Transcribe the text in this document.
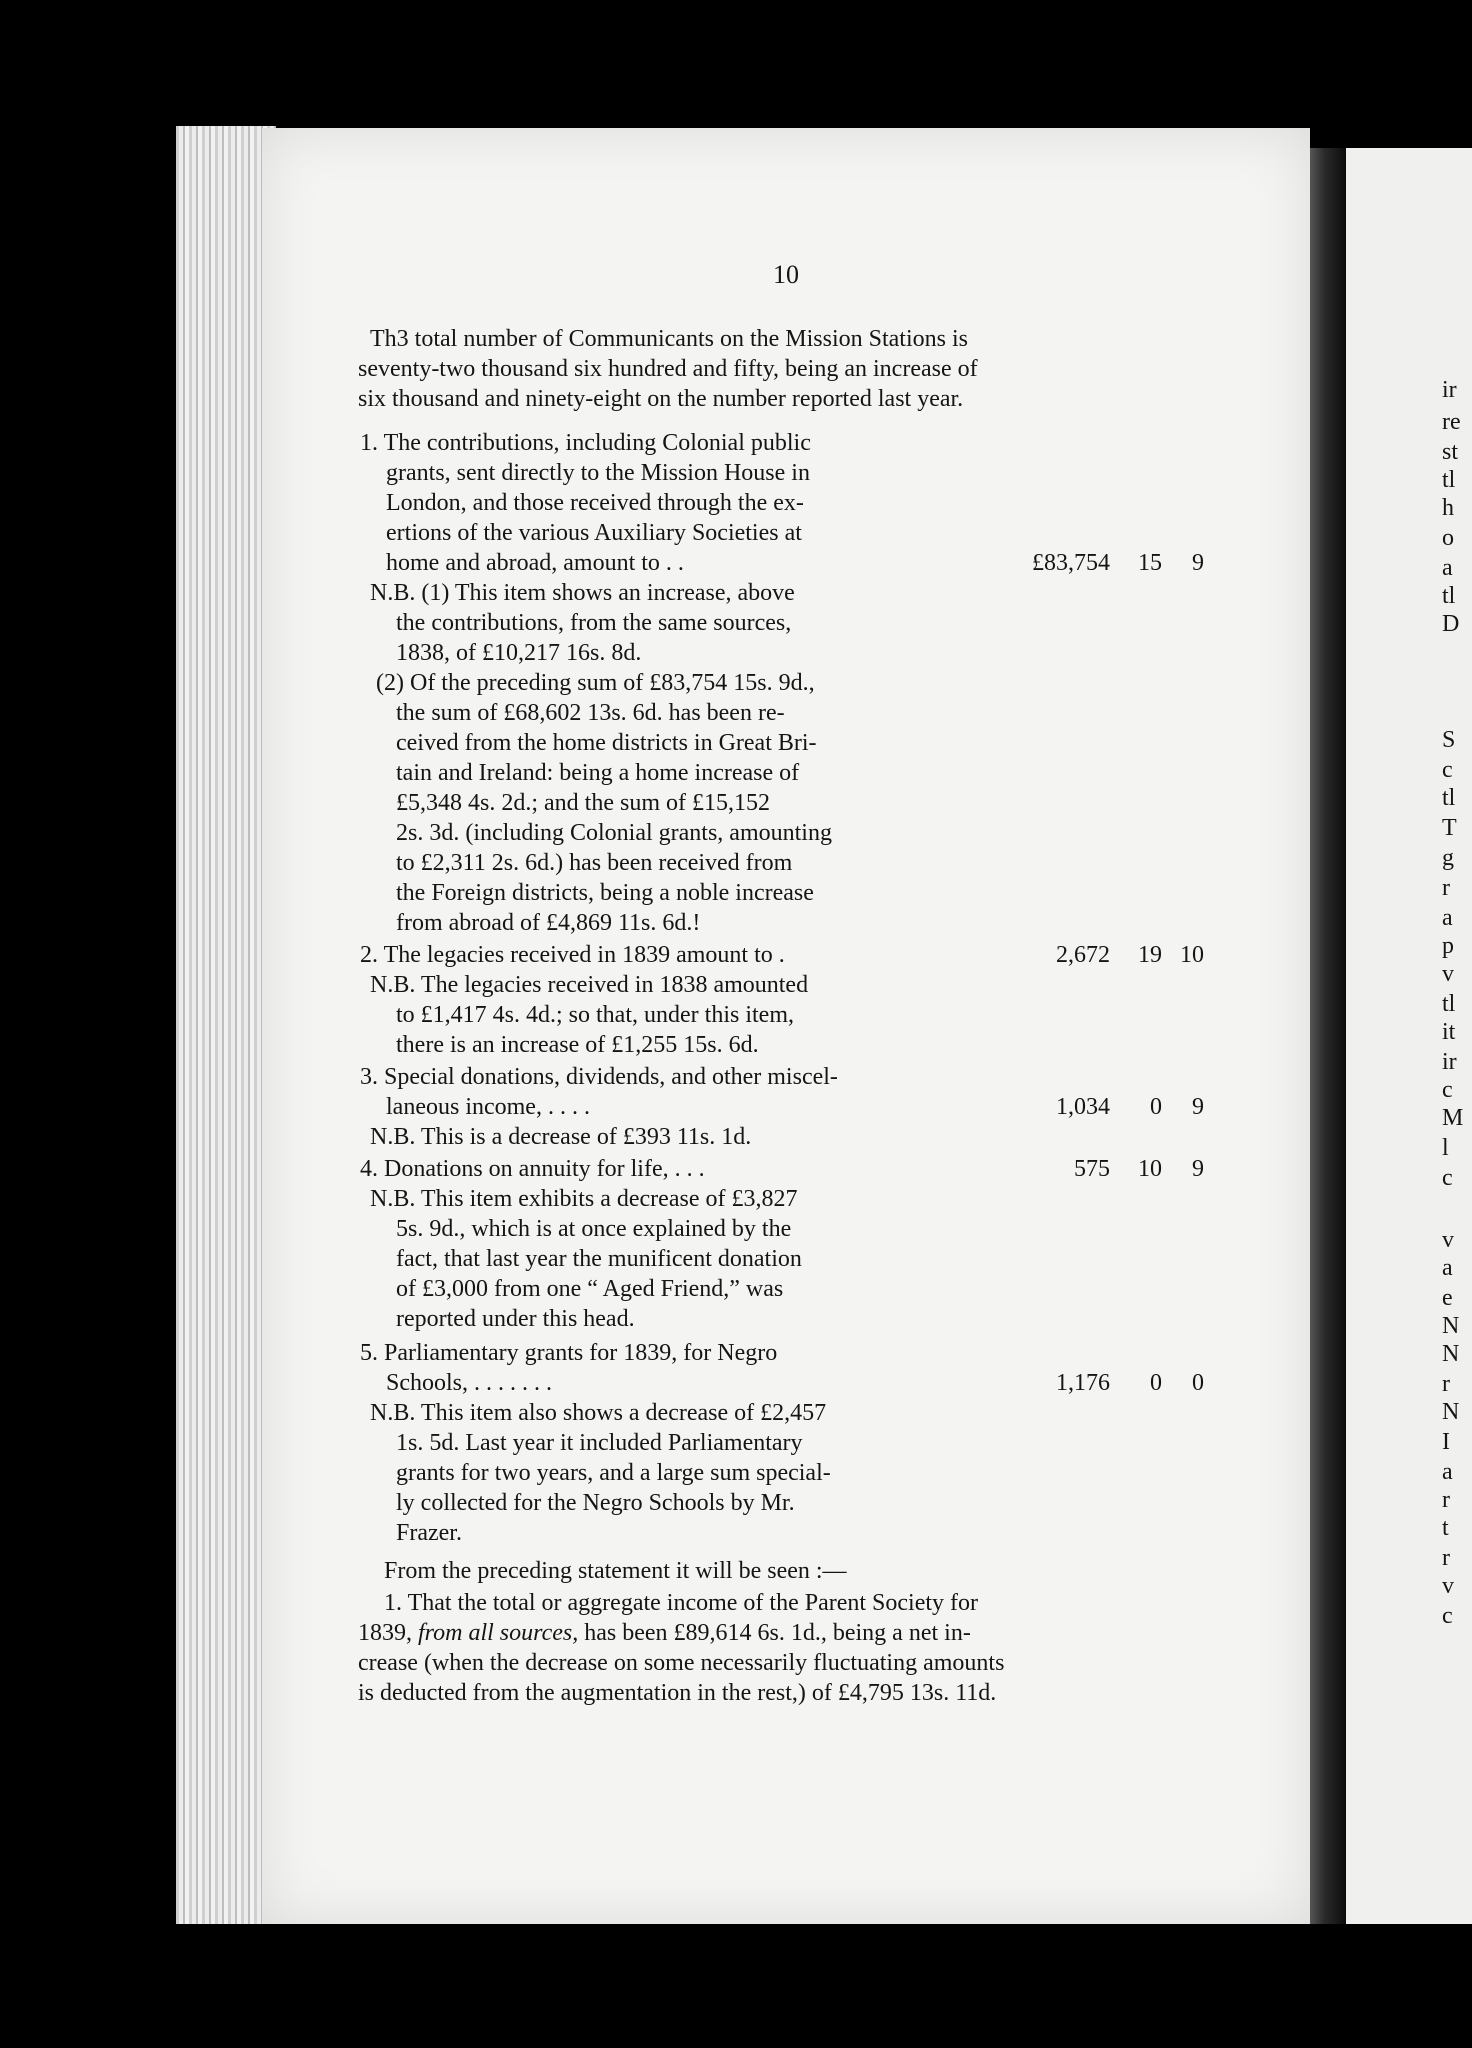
10
Th3 total number of Communicants on the Mission Stations is
seventy-two thousand six hundred and fifty, being an increase of
six thousand and ninety-eight on the number reported last year.
1. The contributions, including Colonial public
grants, sent directly to the Mission House in
London, and those received through the ex-
ertions of the various Auxiliary Societies at
home and abroad, amount to . .	£83,754 15 9
N.B. (1) This item shows an increase, above
the contributions, from the same sources,
1838, of £10,217 16s. 8d.
(2) Of the preceding sum of £83,754 15s. 9d.,
the sum of £68,602 13s. 6d. has been re-
ceived from the home districts in Great Bri-
tain and Ireland: being a home increase of
£5,348 4s. 2d.; and the sum of £15,152
2s. 3d. (including Colonial grants, amounting
to £2,311 2s. 6d.) has been received from
the Foreign districts, being a noble increase
from abroad of £4,869 11s. 6d.!
2. The legacies received in 1839 amount to .	2,672 19 10
N.B. The legacies received in 1838 amounted
to £1,417 4s. 4d.; so that, under this item,
there is an increase of £1,255 15s. 6d.
3. Special donations, dividends, and other miscel-
laneous income, . . . .	1,034 0 9
N.B. This is a decrease of £393 11s. 1d.
4. Donations on annuity for life, . . .	575 10 9
N.B. This item exhibits a decrease of £3,827
5s. 9d., which is at once explained by the
fact, that last year the munificent donation
of £3,000 from one “ Aged Friend,” was
reported under this head.
5. Parliamentary grants for 1839, for Negro
Schools, . . . . . . .	1,176 0 0
N.B. This item also shows a decrease of £2,457
1s. 5d. Last year it included Parliamentary
grants for two years, and a large sum special-
ly collected for the Negro Schools by Mr.
Frazer.
From the preceding statement it will be seen :—
1. That the total or aggregate income of the Parent Society for
1839, from all sources, has been £89,614 6s. 1d., being a net in-
crease (when the decrease on some necessarily fluctuating amounts
is deducted from the augmentation in the rest,) of £4,795 13s. 11d.
ir
re
st
tl
h
o
a
tl
D
S
c
tl
T
g
r
a
p
v
tl
it
ir
c
M
l
c
v
a
e
N
N
r
N
I
a
r
t
r
v
c
